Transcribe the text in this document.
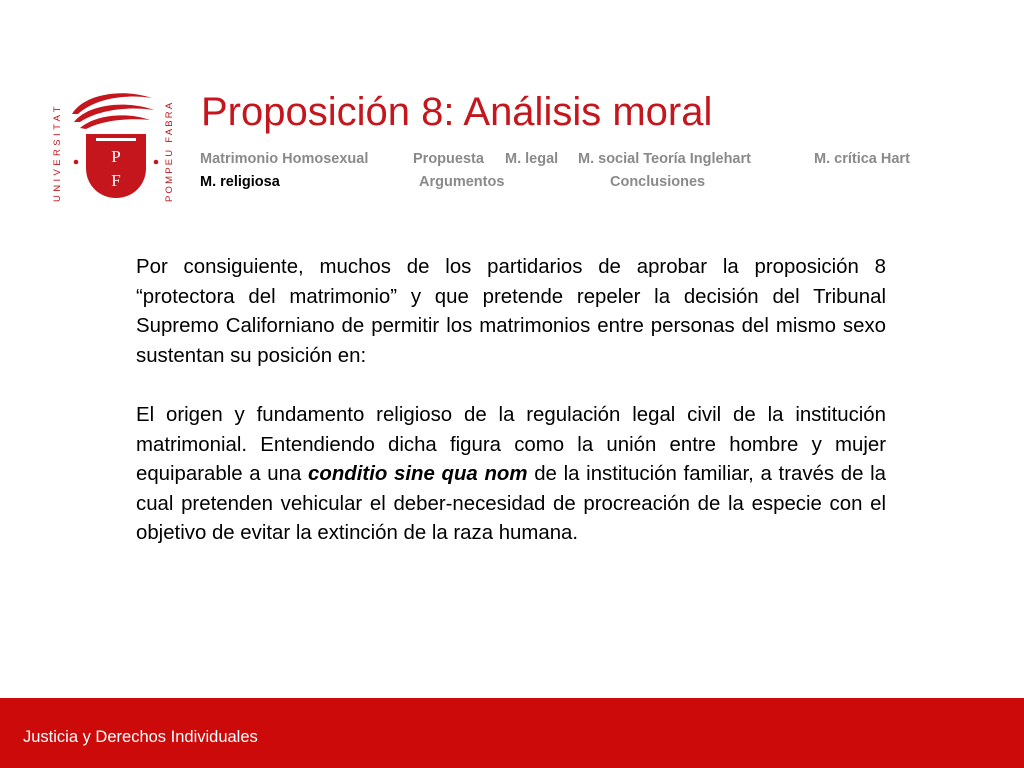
UNIVERSITAT	POMPEU FABRA
P
F
Proposición 8: Análisis moral
Matrimonio Homosexual	Propuesta M. legal M. social Teoría Inglehart	M. crítica Hart
M. religiosa	Argumentos	Conclusiones

Por consiguiente, muchos de los partidarios de aprobar la proposición 8 “protectora del matrimonio” y que pretende repeler la decisión del Tribunal Supremo Californiano de permitir los matrimonios entre personas del mismo sexo sustentan su posición en:

El origen y fundamento religioso de la regulación legal civil de la institución matrimonial. Entendiendo dicha figura como la unión entre hombre y mujer equiparable a una conditio sine qua nom de la institución familiar, a través de la cual pretenden vehicular el deber-necesidad de procreación de la especie con el objetivo de evitar la extinción de la raza humana.

Justicia y Derechos Individuales
